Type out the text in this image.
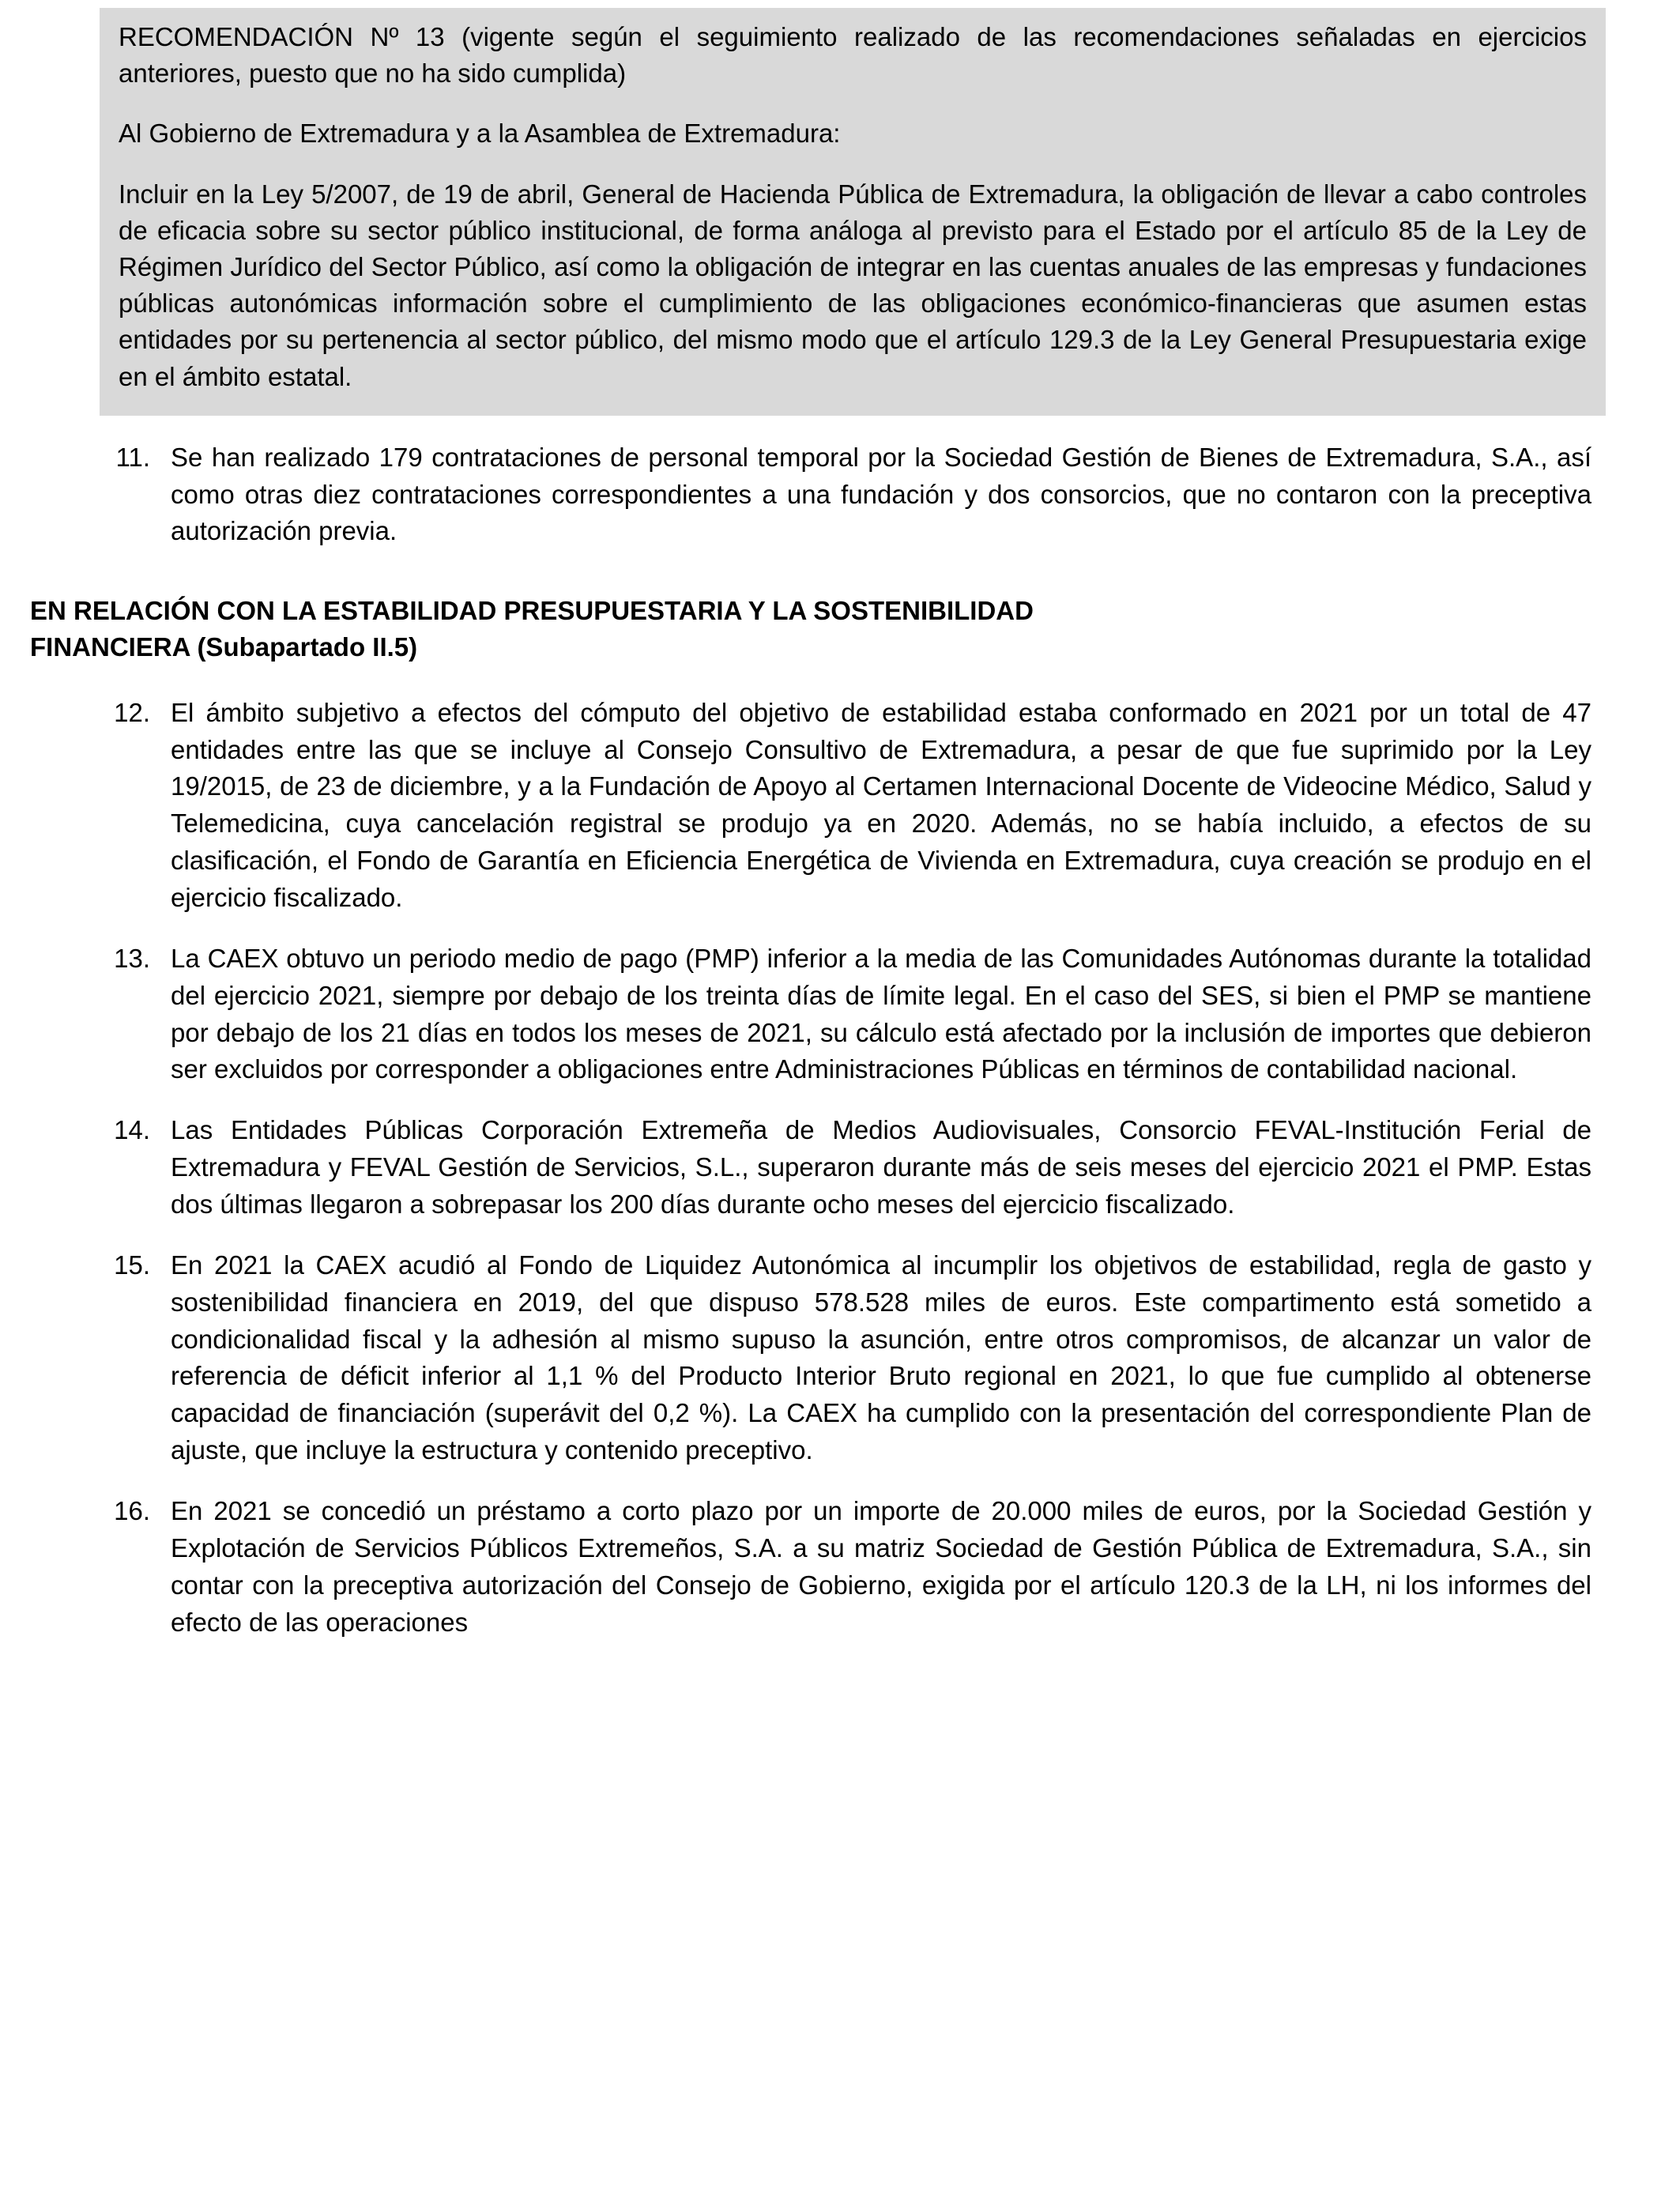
RECOMENDACIÓN Nº 13 (vigente según el seguimiento realizado de las recomendaciones señaladas en ejercicios anteriores, puesto que no ha sido cumplida)

Al Gobierno de Extremadura y a la Asamblea de Extremadura:

Incluir en la Ley 5/2007, de 19 de abril, General de Hacienda Pública de Extremadura, la obligación de llevar a cabo controles de eficacia sobre su sector público institucional, de forma análoga al previsto para el Estado por el artículo 85 de la Ley de Régimen Jurídico del Sector Público, así como la obligación de integrar en las cuentas anuales de las empresas y fundaciones públicas autonómicas información sobre el cumplimiento de las obligaciones económico-financieras que asumen estas entidades por su pertenencia al sector público, del mismo modo que el artículo 129.3 de la Ley General Presupuestaria exige en el ámbito estatal.

11. Se han realizado 179 contrataciones de personal temporal por la Sociedad Gestión de Bienes de Extremadura, S.A., así como otras diez contrataciones correspondientes a una fundación y dos consorcios, que no contaron con la preceptiva autorización previa.
EN RELACIÓN CON LA ESTABILIDAD PRESUPUESTARIA Y LA SOSTENIBILIDAD
FINANCIERA (Subapartado II.5)
12. El ámbito subjetivo a efectos del cómputo del objetivo de estabilidad estaba conformado en 2021 por un total de 47 entidades entre las que se incluye al Consejo Consultivo de Extremadura, a pesar de que fue suprimido por la Ley 19/2015, de 23 de diciembre, y a la Fundación de Apoyo al Certamen Internacional Docente de Videocine Médico, Salud y Telemedicina, cuya cancelación registral se produjo ya en 2020. Además, no se había incluido, a efectos de su clasificación, el Fondo de Garantía en Eficiencia Energética de Vivienda en Extremadura, cuya creación se produjo en el ejercicio fiscalizado.
13. La CAEX obtuvo un periodo medio de pago (PMP) inferior a la media de las Comunidades Autónomas durante la totalidad del ejercicio 2021, siempre por debajo de los treinta días de límite legal. En el caso del SES, si bien el PMP se mantiene por debajo de los 21 días en todos los meses de 2021, su cálculo está afectado por la inclusión de importes que debieron ser excluidos por corresponder a obligaciones entre Administraciones Públicas en términos de contabilidad nacional.
14. Las Entidades Públicas Corporación Extremeña de Medios Audiovisuales, Consorcio FEVAL-Institución Ferial de Extremadura y FEVAL Gestión de Servicios, S.L., superaron durante más de seis meses del ejercicio 2021 el PMP. Estas dos últimas llegaron a sobrepasar los 200 días durante ocho meses del ejercicio fiscalizado.
15. En 2021 la CAEX acudió al Fondo de Liquidez Autonómica al incumplir los objetivos de estabilidad, regla de gasto y sostenibilidad financiera en 2019, del que dispuso 578.528 miles de euros. Este compartimento está sometido a condicionalidad fiscal y la adhesión al mismo supuso la asunción, entre otros compromisos, de alcanzar un valor de referencia de déficit inferior al 1,1 % del Producto Interior Bruto regional en 2021, lo que fue cumplido al obtenerse capacidad de financiación (superávit del 0,2 %). La CAEX ha cumplido con la presentación del correspondiente Plan de ajuste, que incluye la estructura y contenido preceptivo.
16. En 2021 se concedió un préstamo a corto plazo por un importe de 20.000 miles de euros, por la Sociedad Gestión y Explotación de Servicios Públicos Extremeños, S.A. a su matriz Sociedad de Gestión Pública de Extremadura, S.A., sin contar con la preceptiva autorización del Consejo de Gobierno, exigida por el artículo 120.3 de la LH, ni los informes del efecto de las operaciones
